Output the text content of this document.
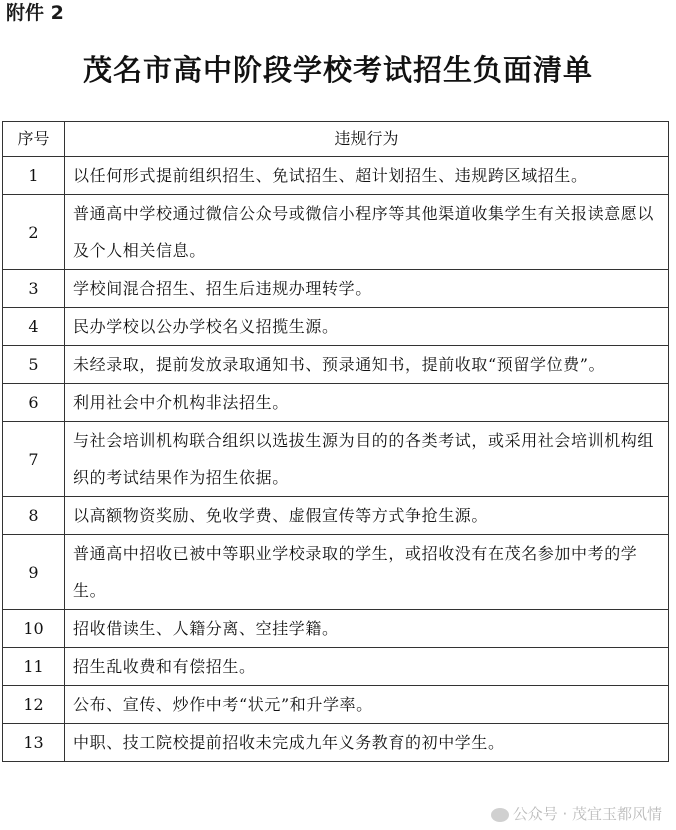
附件 2
茂名市高中阶段学校考试招生负面清单
序号	违规行为
1	以任何形式提前组织招生、免试招生、超计划招生、违规跨区域招生。
2	普通高中学校通过微信公众号或微信小程序等其他渠道收集学生有关报读意愿以及个人相关信息。
3	学校间混合招生、招生后违规办理转学。
4	民办学校以公办学校名义招揽生源。
5	未经录取，提前发放录取通知书、预录通知书，提前收取“预留学位费”。
6	利用社会中介机构非法招生。
7	与社会培训机构联合组织以选拔生源为目的的各类考试，或采用社会培训机构组织的考试结果作为招生依据。
8	以高额物资奖励、免收学费、虚假宣传等方式争抢生源。
9	普通高中招收已被中等职业学校录取的学生，或招收没有在茂名参加中考的学生。
10	招收借读生、人籍分离、空挂学籍。
11	招生乱收费和有偿招生。
12	公布、宣传、炒作中考“状元”和升学率。
13	中职、技工院校提前招收未完成九年义务教育的初中学生。
公众号 · 茂宜玉都风情
